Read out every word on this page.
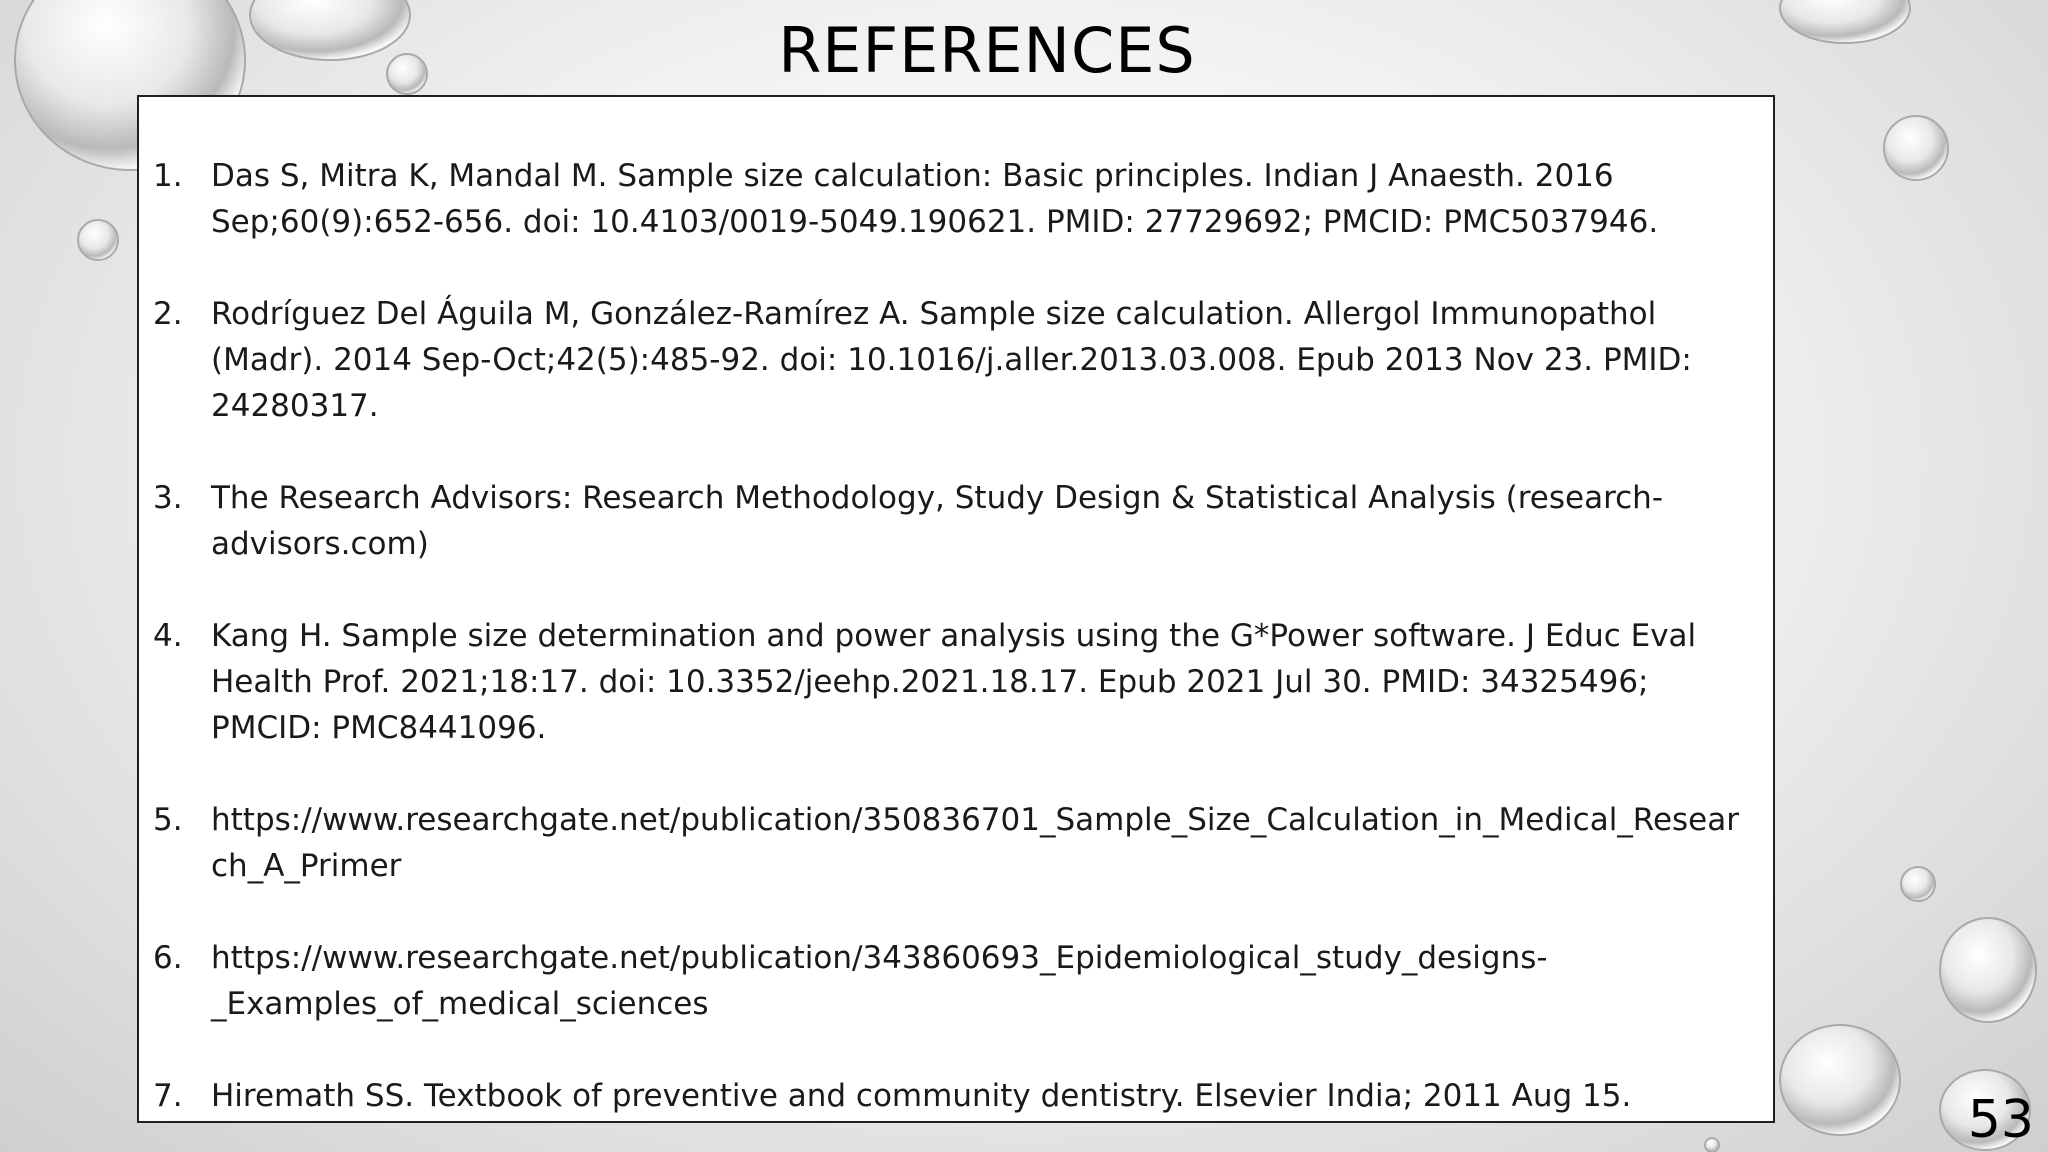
REFERENCES
1. Das S, Mitra K, Mandal M. Sample size calculation: Basic principles. Indian J Anaesth. 2016 Sep;60(9):652-656. doi: 10.4103/0019-5049.190621. PMID: 27729692; PMCID: PMC5037946.
2. Rodríguez Del Águila M, González-Ramírez A. Sample size calculation. Allergol Immunopathol (Madr). 2014 Sep-Oct;42(5):485-92. doi: 10.1016/j.aller.2013.03.008. Epub 2013 Nov 23. PMID: 24280317.
3. The Research Advisors: Research Methodology, Study Design & Statistical Analysis (research-advisors.com)
4. Kang H. Sample size determination and power analysis using the G*Power software. J Educ Eval Health Prof. 2021;18:17. doi: 10.3352/jeehp.2021.18.17. Epub 2021 Jul 30. PMID: 34325496; PMCID: PMC8441096.
5. https://www.researchgate.net/publication/350836701_Sample_Size_Calculation_in_Medical_Research_A_Primer
6. https://www.researchgate.net/publication/343860693_Epidemiological_study_designs-_Examples_of_medical_sciences
7. Hiremath SS. Textbook of preventive and community dentistry. Elsevier India; 2011 Aug 15.	53
